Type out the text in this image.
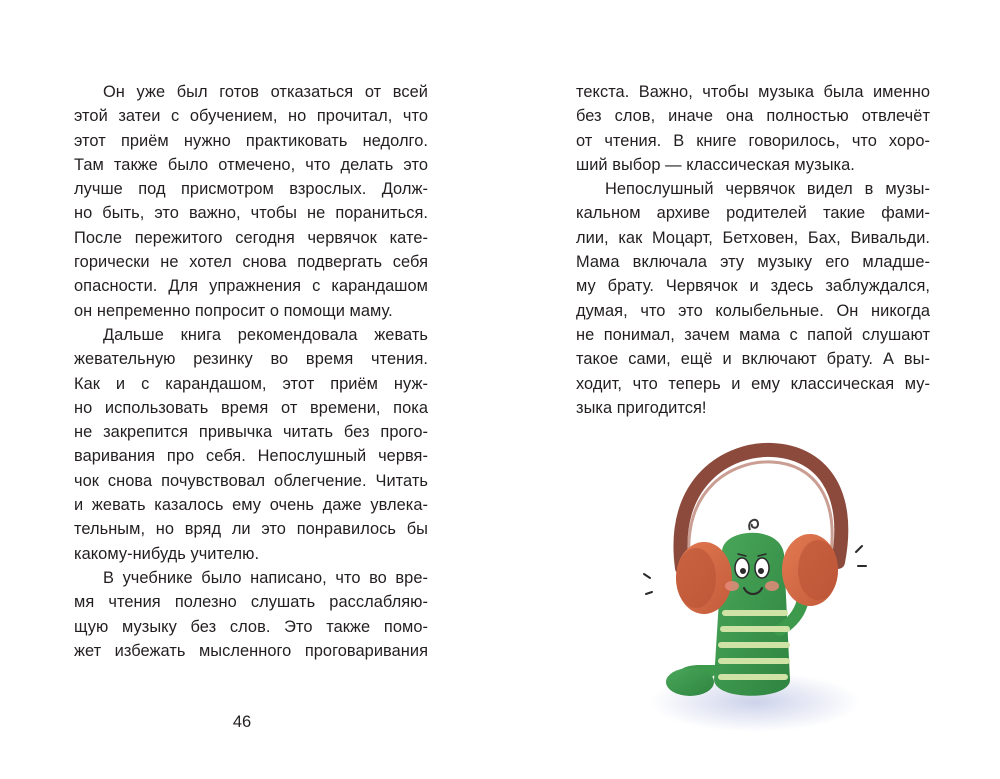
Он уже был готов отказаться от всей
этой затеи с обучением, но прочитал, что
этот приём нужно практиковать недолго.
Там также было отмечено, что делать это
лучше под присмотром взрослых. Долж-
но быть, это важно, чтобы не пораниться.
После пережитого сегодня червячок кате-
горически не хотел снова подвергать себя
опасности. Для упражнения с карандашом
он непременно попросит о помощи маму.
Дальше книга рекомендовала жевать
жевательную резинку во время чтения.
Как и с карандашом, этот приём нуж-
но использовать время от времени, пока
не закрепится привычка читать без прого-
варивания про себя. Непослушный червя-
чок снова почувствовал облегчение. Читать
и жевать казалось ему очень даже увлека-
тельным, но вряд ли это понравилось бы
какому-нибудь учителю.
В учебнике было написано, что во вре-
мя чтения полезно слушать расслабляю-
щую музыку без слов. Это также помо-
жет избежать мысленного проговаривания
46
текста. Важно, чтобы музыка была именно
без слов, иначе она полностью отвлечёт
от чтения. В книге говорилось, что хоро-
ший выбор — классическая музыка.
Непослушный червячок видел в музы-
кальном архиве родителей такие фами-
лии, как Моцарт, Бетховен, Бах, Вивальди.
Мама включала эту музыку его младше-
му брату. Червячок и здесь заблуждался,
думая, что это колыбельные. Он никогда
не понимал, зачем мама с папой слушают
такое сами, ещё и включают брату. А вы-
ходит, что теперь и ему классическая му-
зыка пригодится!
